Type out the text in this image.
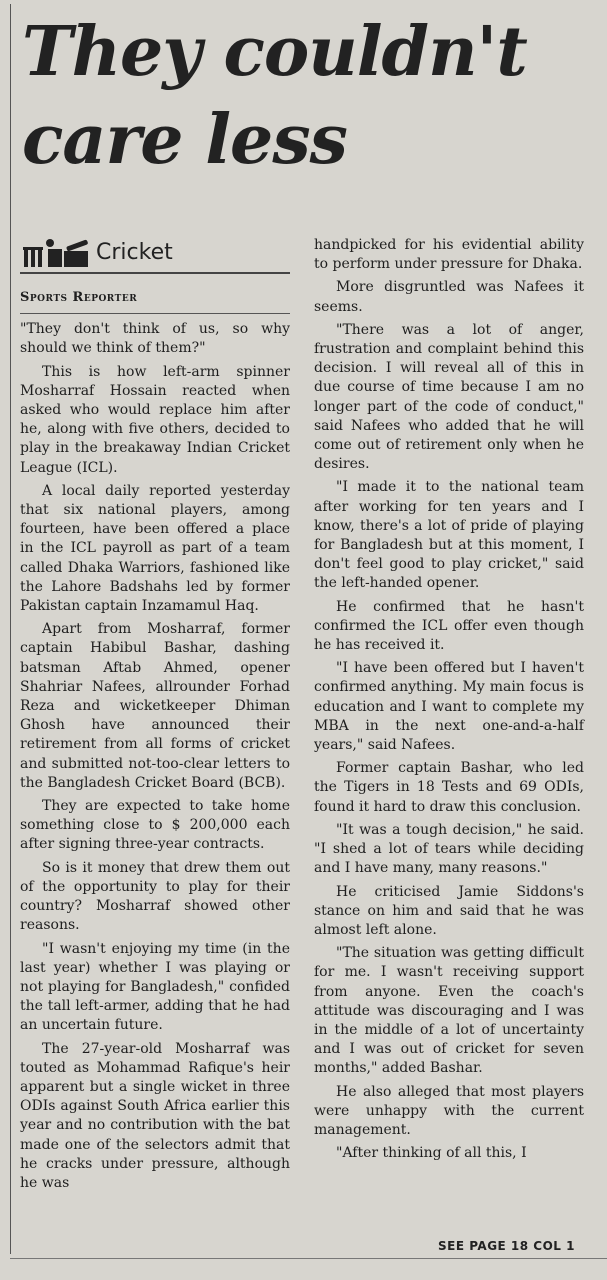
They couldn't
care less
Cricket
Sports Reporter

"They don't think of us, so why should we think of them?"

This is how left-arm spinner Mosharraf Hossain reacted when asked who would replace him after he, along with five others, decided to play in the breakaway Indian Cricket League (ICL).

A local daily reported yesterday that six national players, among fourteen, have been offered a place in the ICL payroll as part of a team called Dhaka Warriors, fashioned like the Lahore Badshahs led by former Pakistan captain Inzamamul Haq.

Apart from Mosharraf, former captain Habibul Bashar, dashing batsman Aftab Ahmed, opener Shahriar Nafees, allrounder Forhad Reza and wicketkeeper Dhiman Ghosh have announced their retirement from all forms of cricket and submitted not-too-clear letters to the Bangladesh Cricket Board (BCB).

They are expected to take home something close to $ 200,000 each after signing three-year contracts.

So is it money that drew them out of the opportunity to play for their country? Mosharraf showed other reasons.

"I wasn't enjoying my time (in the last year) whether I was playing or not playing for Bangladesh," confided the tall left-armer, adding that he had an uncertain future.

The 27-year-old Mosharraf was touted as Mohammad Rafique's heir apparent but a single wicket in three ODIs against South Africa earlier this year and no contribution with the bat made one of the selectors admit that he cracks under pressure, although he was

handpicked for his evidential ability to perform under pressure for Dhaka.

More disgruntled was Nafees it seems.

"There was a lot of anger, frustration and complaint behind this decision. I will reveal all of this in due course of time because I am no longer part of the code of conduct," said Nafees who added that he will come out of retirement only when he desires.

"I made it to the national team after working for ten years and I know, there's a lot of pride of playing for Bangladesh but at this moment, I don't feel good to play cricket," said the left-handed opener.

He confirmed that he hasn't confirmed the ICL offer even though he has received it.

"I have been offered but I haven't confirmed anything. My main focus is education and I want to complete my MBA in the next one-and-a-half years," said Nafees.

Former captain Bashar, who led the Tigers in 18 Tests and 69 ODIs, found it hard to draw this conclusion.

"It was a tough decision," he said. "I shed a lot of tears while deciding and I have many, many reasons."

He criticised Jamie Siddons's stance on him and said that he was almost left alone.

"The situation was getting difficult for me. I wasn't receiving support from anyone. Even the coach's attitude was discouraging and I was in the middle of a lot of uncertainty and I was out of cricket for seven months," added Bashar.

He also alleged that most players were unhappy with the current management.

"After thinking of all this, I

SEE PAGE 18 COL 1
